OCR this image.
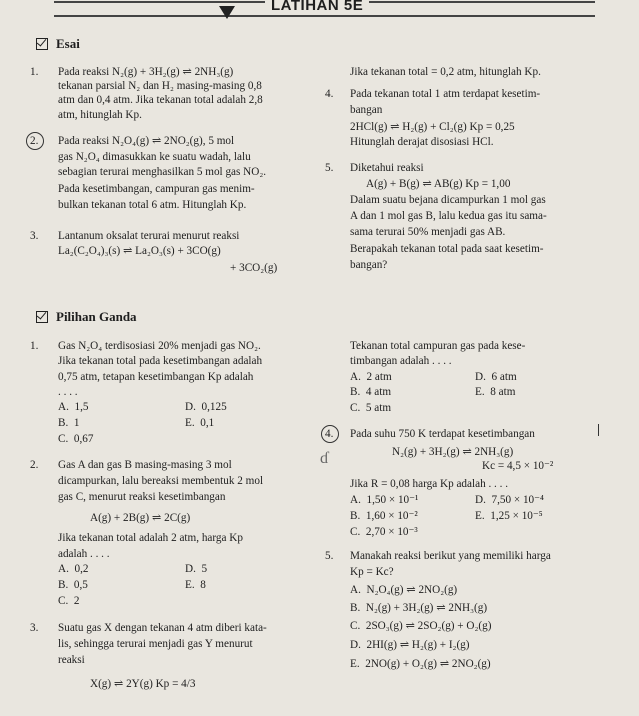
LATIHAN 5E
Esai
1. Pada reaksi N₂(g) + 3H₂(g) ⇌ 2NH₃(g)
tekanan parsial N₂ dan H₂ masing-masing 0,8
atm dan 0,4 atm. Jika tekanan total adalah 2,8
atm, hitunglah Kp.
2. Pada reaksi N₂O₄(g) ⇌ 2NO₂(g), 5 mol
gas N₂O₄ dimasukkan ke suatu wadah, lalu
sebagian terurai menghasilkan 5 mol gas NO₂.
Pada kesetimbangan, campuran gas menim-
bulkan tekanan total 6 atm. Hitunglah Kp.
3. Lantanum oksalat terurai menurut reaksi
La₂(C₂O₄)₃(s) ⇌ La₂O₃(s) + 3CO(g)
+ 3CO₂(g)
Jika tekanan total = 0,2 atm, hitunglah Kp.
4. Pada tekanan total 1 atm terdapat kesetim-
bangan
2HCl(g) ⇌ H₂(g) + Cl₂(g) Kp = 0,25
Hitunglah derajat disosiasi HCl.
5. Diketahui reaksi
A(g) + B(g) ⇌ AB(g) Kp = 1,00
Dalam suatu bejana dicampurkan 1 mol gas
A dan 1 mol gas B, lalu kedua gas itu sama-
sama terurai 50% menjadi gas AB.
Berapakah tekanan total pada saat kesetim-
bangan?
Pilihan Ganda
1. Gas N₂O₄ terdisosiasi 20% menjadi gas NO₂.
Jika tekanan total pada kesetimbangan adalah
0,75 atm, tetapan kesetimbangan Kp adalah
. . . .
A.  1,5
B.  1
C.  0,67
D.  0,125
E.  0,1
2. Gas A dan gas B masing-masing 3 mol
dicampurkan, lalu bereaksi membentuk 2 mol
gas C, menurut reaksi kesetimbangan
A(g) + 2B(g) ⇌ 2C(g)
Jika tekanan total adalah 2 atm, harga Kp
adalah . . . .
A.  0,2
B.  0,5
C.  2
D.  5
E.  8
3. Suatu gas X dengan tekanan 4 atm diberi kata-
lis, sehingga terurai menjadi gas Y menurut
reaksi
X(g) ⇌ 2Y(g) Kp = 4/3
Tekanan total campuran gas pada kese-
timbangan adalah . . . .
A.  2 atm
B.  4 atm
C.  5 atm
D.  6 atm
E.  8 atm
4. Pada suhu 750 K terdapat kesetimbangan
N₂(g) + 3H₂(g) ⇌ 2NH₃(g)
Kc = 4,5 × 10⁻²
ɗ
Jika R = 0,08 harga Kp adalah . . . .
A.  1,50 × 10⁻¹
B.  1,60 × 10⁻²
C.  2,70 × 10⁻³
D.  7,50 × 10⁻⁴
E.  1,25 × 10⁻⁵
5. Manakah reaksi berikut yang memiliki harga
Kp = Kc?
A.  N₂O₄(g) ⇌ 2NO₂(g)
B.  N₂(g) + 3H₂(g) ⇌ 2NH₃(g)
C.  2SO₃(g) ⇌ 2SO₂(g) + O₂(g)
D.  2HI(g) ⇌ H₂(g) + I₂(g)
E.  2NO(g) + O₂(g) ⇌ 2NO₂(g)
